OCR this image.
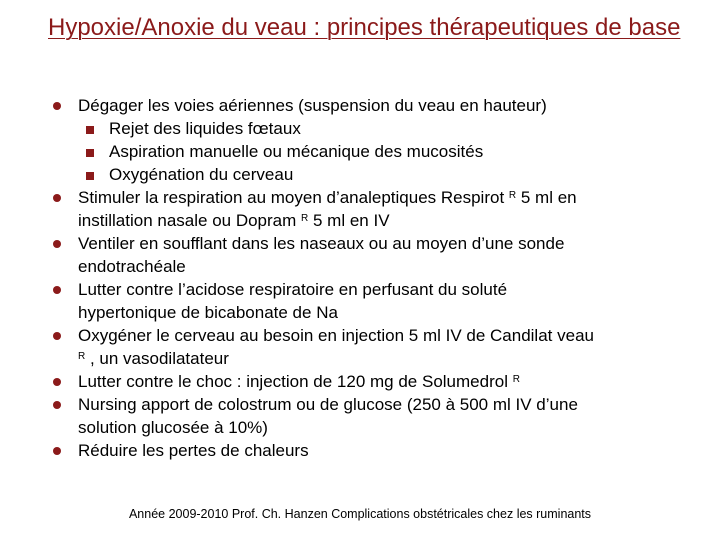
Hypoxie/Anoxie du veau : principes thérapeutiques de base
Dégager les voies aériennes (suspension du veau en hauteur)
Rejet des liquides fœtaux
Aspiration manuelle ou mécanique des mucosités
Oxygénation du cerveau
Stimuler la respiration au moyen d’analeptiques Respirot $^R$ 5 ml en
instillation nasale ou Dopram $^R$ 5 ml en IV
Ventiler en soufflant dans les naseaux ou au moyen d’une sonde
endotrachéale
Lutter contre l’acidose respiratoire en perfusant du soluté
hypertonique de bicabonate de Na
Oxygéner le cerveau au besoin en injection 5 ml IV de Candilat veau
$^R$ , un vasodilatateur
Lutter contre le choc : injection de 120 mg de Solumedrol $^R$
Nursing apport de colostrum ou de glucose (250 à 500 ml IV d’une
solution glucosée à 10%)
Réduire les pertes de chaleurs
Année 2009-2010 Prof. Ch. Hanzen Complications obstétricales chez les ruminants
